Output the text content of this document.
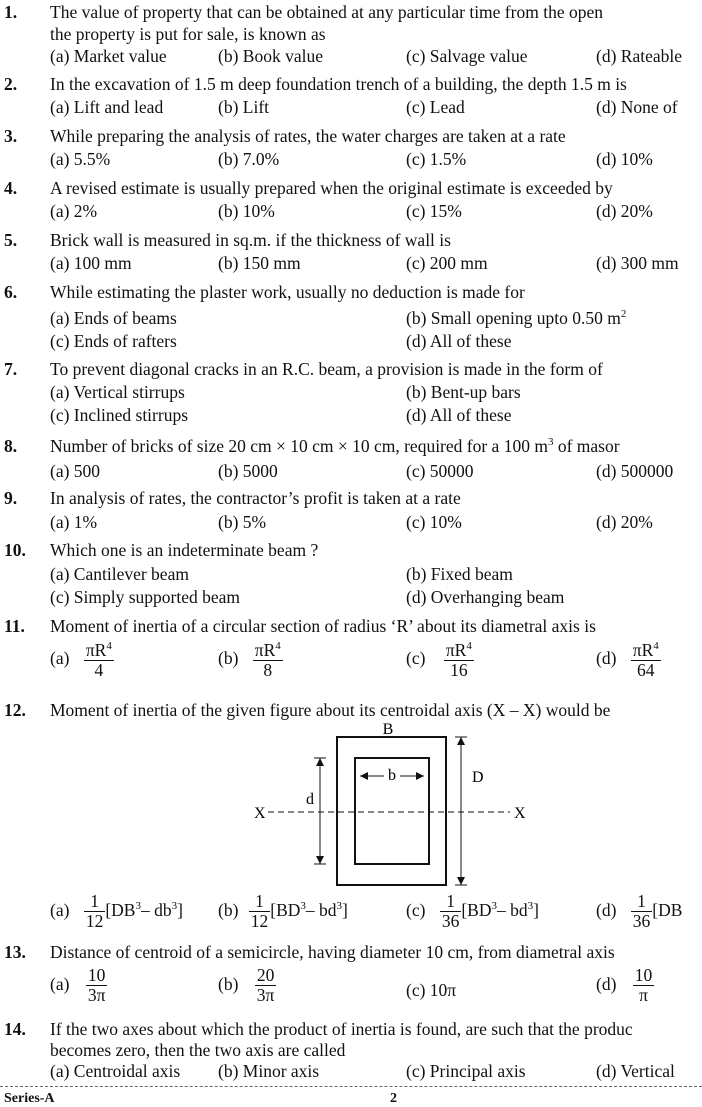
1. The value of property that can be obtained at any particular time from the open
the property is put for sale, is known as
(a) Market value	(b) Book value	(c) Salvage value	(d) Rateable
2. In the excavation of 1.5 m deep foundation trench of a building, the depth 1.5 m is
(a) Lift and lead	(b) Lift	(c) Lead	(d) None of
3. While preparing the analysis of rates, the water charges are taken at a rate
(a) 5.5%	(b) 7.0%	(c) 1.5%	(d) 10%
4. A revised estimate is usually prepared when the original estimate is exceeded by
(a) 2%	(b) 10%	(c) 15%	(d) 20%
5. Brick wall is measured in sq.m. if the thickness of wall is
(a) 100 mm	(b) 150 mm	(c) 200 mm	(d) 300 mm
6. While estimating the plaster work, usually no deduction is made for
(a) Ends of beams	(b) Small opening upto 0.50 $m^2$
(c) Ends of rafters	(d) All of these
7. To prevent diagonal cracks in an R.C. beam, a provision is made in the form of
(a) Vertical stirrups	(b) Bent-up bars
(c) Inclined stirrups	(d) All of these
8. Number of bricks of size 20 cm × 10 cm × 10 cm, required for a 100 $m^3$ of masor
(a) 500	(b) 5000	(c) 50000	(d) 500000
9. In analysis of rates, the contractor’s profit is taken at a rate
(a) 1%	(b) 5%	(c) 10%	(d) 20%
10. Which one is an indeterminate beam ?
(a) Cantilever beam	(b) Fixed beam
(c) Simply supported beam	(d) Overhanging beam
11. Moment of inertia of a circular section of radius ‘R’ about its diametral axis is
$(a) \frac{\pi R^4}{4}$	$(b) \frac{\pi R^4}{8}$	$(c) \frac{\pi R^4}{16}$	$(d) \frac{\pi R^4}{64}$
12. Moment of inertia of the given figure about its centroidal axis (X – X) would be
B
D
d
b
X	X
$(a) \frac{1}{12} [DB^3-$ $db^3$] $(b) \frac{1}{12} [BD^3-$ $bd^3$]	$(c) \frac{1}{36} [BD^3-$ $bd^3$]	$(d) \frac{1}{36} [DB$
13. Distance of centroid of a semicircle, having diameter 10 cm, from diametral axis
$(a) \frac{10}{3\pi}$	$(b) \frac{20}{3\pi}$	(c) 10π	$(d) \frac{10}{\pi}$
14. If the two axes about which the product of inertia is found, are such that the produc
becomes zero, then the two axis are called
(a) Centroidal axis (b) Minor axis	(c) Principal axis	(d) Vertical
Series-A	2
